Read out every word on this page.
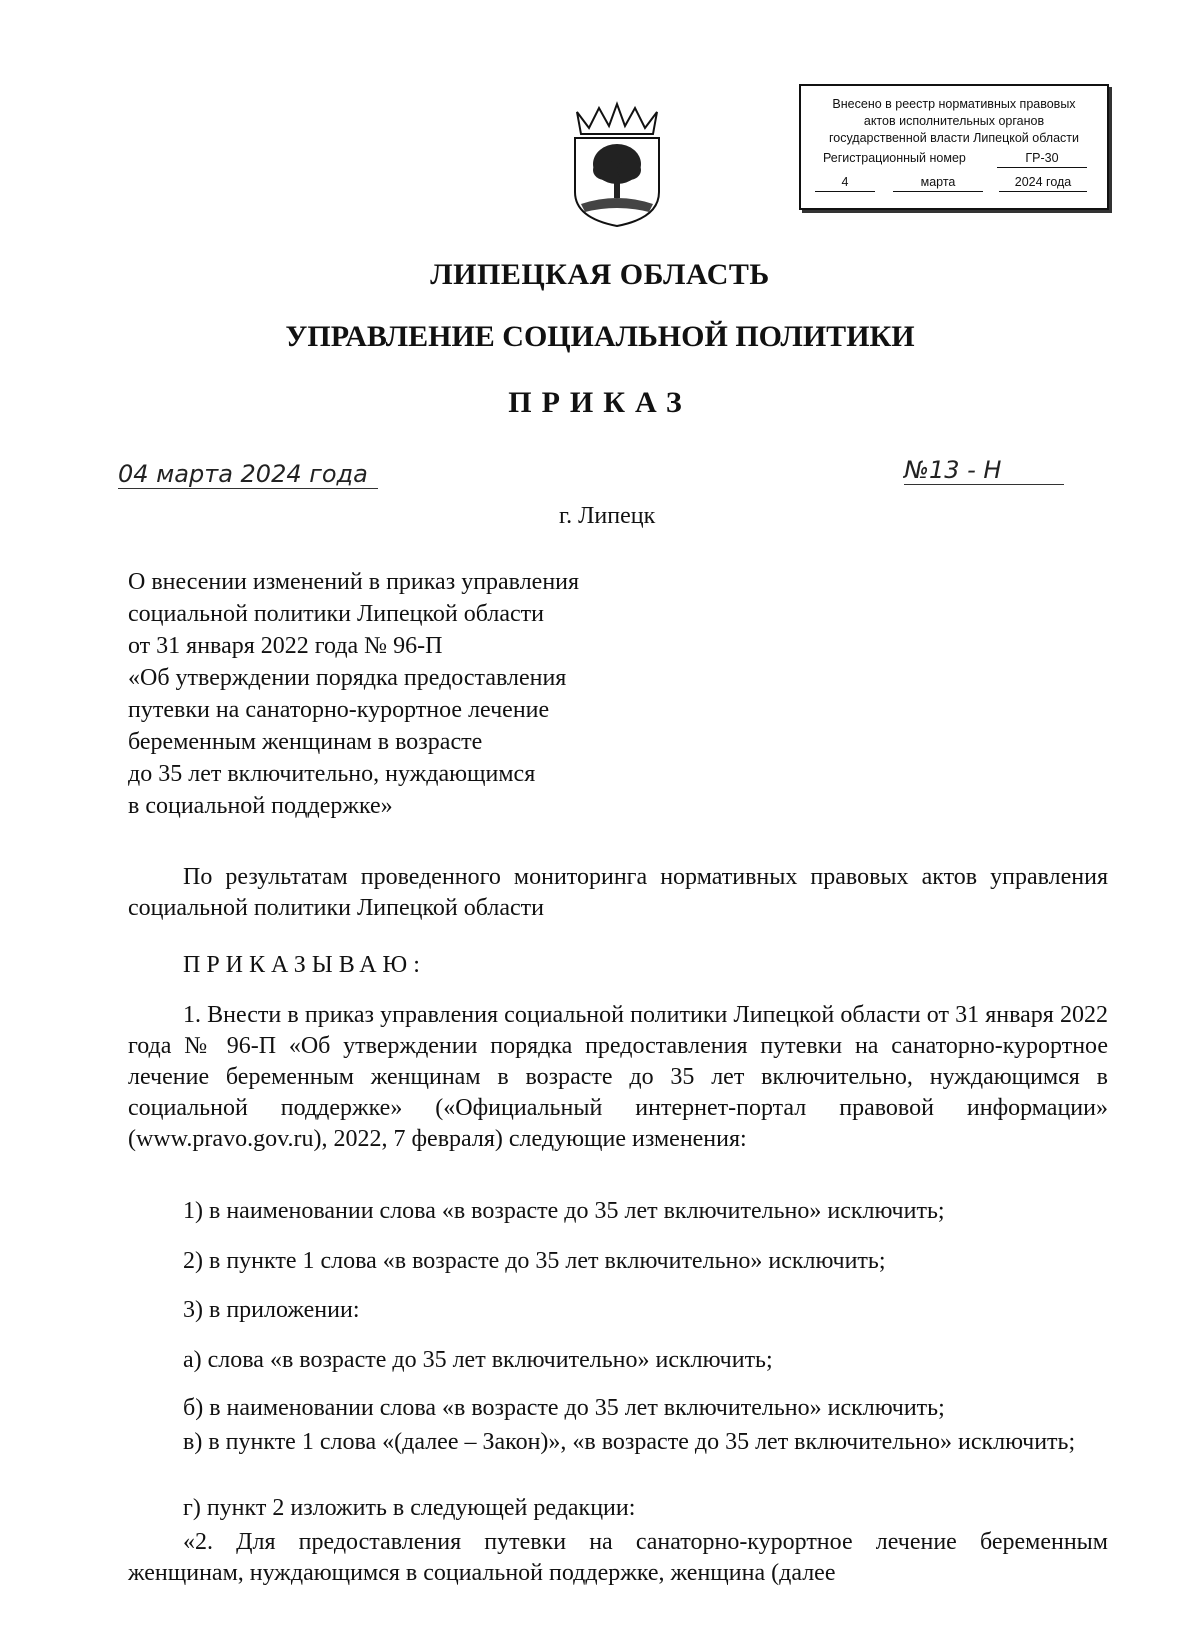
Внесено в реестр нормативных правовых
актов исполнительных органов
государственной власти Липецкой области
Регистрационный номер	ГР-30
4	марта	2024 года
ЛИПЕЦКАЯ ОБЛАСТЬ
УПРАВЛЕНИЕ СОЦИАЛЬНОЙ ПОЛИТИКИ
ПРИКАЗ
04 марта 2024 года	№13 - Н
г. Липецк
О внесении изменений в приказ управления
социальной политики Липецкой области
от 31 января 2022 года № 96-П
«Об утверждении порядка предоставления
путевки на санаторно-курортное лечение
беременным женщинам в возрасте
до 35 лет включительно, нуждающимся
в социальной поддержке»
По результатам проведенного мониторинга нормативных правовых актов управления социальной политики Липецкой области
ПРИКАЗЫВАЮ:
1. Внести в приказ управления социальной политики Липецкой области от 31 января 2022 года № 96-П «Об утверждении порядка предоставления путевки на санаторно-курортное лечение беременным женщинам в возрасте до 35 лет включительно, нуждающимся в социальной поддержке» («Официальный интернет-портал правовой информации» (www.pravo.gov.ru), 2022, 7 февраля) следующие изменения:
1) в наименовании слова «в возрасте до 35 лет включительно» исключить;
2) в пункте 1 слова «в возрасте до 35 лет включительно» исключить;
3) в приложении:
а) слова «в возрасте до 35 лет включительно» исключить;
б) в наименовании слова «в возрасте до 35 лет включительно» исключить;
в) в пункте 1 слова «(далее – Закон)», «в возрасте до 35 лет включительно» исключить;
г) пункт 2 изложить в следующей редакции:
«2. Для предоставления путевки на санаторно-курортное лечение беременным женщинам, нуждающимся в социальной поддержке, женщина (далее
